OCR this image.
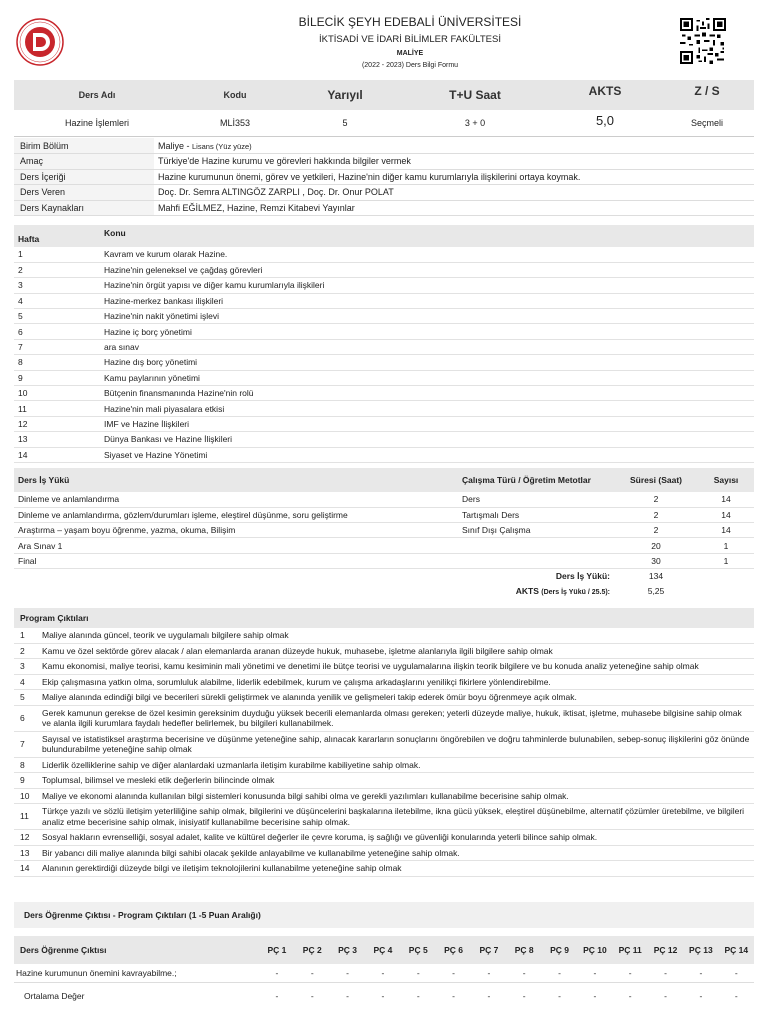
BİLECİK ŞEYH EDEBALİ ÜNİVERSİTESİ
İKTİSADİ VE İDARİ BİLİMLER FAKÜLTESİ
MALİYE
(2022 - 2023) Ders Bilgi Formu
Ders Adı	Kodu	Yarıyıl	T+U Saat	AKTS	Z / S
Hazine İşlemleri	MLİ353	5	3 + 0	5,0	Seçmeli
Birim Bölüm	Maliye - Lisans (Yüz yüze)
Amaç	Türkiye'de Hazine kurumu ve görevleri hakkında bilgiler vermek
Ders İçeriği	Hazine kurumunun önemi, görev ve yetkileri, Hazine'nin diğer kamu kurumlarıyla ilişkilerini ortaya koymak.
Ders Veren	Doç. Dr. Semra ALTINGÖZ ZARPLI , Doç. Dr. Onur POLAT
Ders Kaynakları	Mahfi EĞİLMEZ, Hazine, Remzi Kitabevi Yayınlar
Hafta	Konu
1	Kavram ve kurum olarak Hazine.
2	Hazine'nin geleneksel ve çağdaş görevleri
3	Hazine'nin örgüt yapısı ve diğer kamu kurumlarıyla ilişkileri
4	Hazine-merkez bankası ilişkileri
5	Hazine'nin nakit yönetimi işlevi
6	Hazine iç borç yönetimi
7	ara sınav
8	Hazine dış borç yönetimi
9	Kamu paylarının yönetimi
10	Bütçenin finansmanında Hazine'nin rolü
11	Hazine'nin mali piyasalara etkisi
12	IMF ve Hazine İlişkileri
13	Dünya Bankası ve Hazine İlişkileri
14	Siyaset ve Hazine Yönetimi
Ders İş Yükü	Çalışma Türü / Öğretim Metotlar	Süresi (Saat)	Sayısı
Dinleme ve anlamlandırma	Ders	2	14
Dinleme ve anlamlandırma, gözlem/durumları işleme, eleştirel düşünme, soru geliştirme	Tartışmalı Ders	2	14
Araştırma – yaşam boyu öğrenme, yazma, okuma, Bilişim	Sınıf Dışı Çalışma	2	14
Ara Sınav 1		20	1
Final		30	1
Ders İş Yükü:		134	
AKTS (Ders İş Yükü / 25.5):		5,25	
Program Çıktıları	
1	Maliye alanında güncel, teorik ve uygulamalı bilgilere sahip olmak
2	Kamu ve özel sektörde görev alacak / alan elemanlarda aranan düzeyde hukuk, muhasebe, işletme alanlarıyla ilgili bilgilere sahip olmak
3	Kamu ekonomisi, maliye teorisi, kamu kesiminin mali yönetimi ve denetimi ile bütçe teorisi ve uygulamalarına ilişkin teorik bilgilere ve bu konuda analiz yeteneğine sahip olmak
4	Ekip çalışmasına yatkın olma, sorumluluk alabilme, liderlik edebilmek, kurum ve çalışma arkadaşlarını yenilikçi fikirlere yönlendirebilme.
5	Maliye alanında edindiği bilgi ve becerileri sürekli geliştirmek ve alanında yenilik ve gelişmeleri takip ederek ömür boyu öğrenmeye açık olmak.
6	Gerek kamunun gerekse de özel kesimin gereksinim duyduğu yüksek becerili elemanlarda olması gereken; yeterli düzeyde maliye, hukuk, iktisat, işletme, muhasebe bilgisine sahip olmak ve alanla ilgili kurumlara faydalı hedefler belirlemek, bu bilgileri kullanabilmek.
7	Sayısal ve istatistiksel araştırma becerisine ve düşünme yeteneğine sahip, alınacak kararların sonuçlarını öngörebilen ve doğru tahminlerde bulunabilen, sebep-sonuç ilişkilerini göz önünde bulundurabilme yeteneğine sahip olmak
8	Liderlik özelliklerine sahip ve diğer alanlardaki uzmanlarla iletişim kurabilme kabiliyetine sahip olmak.
9	Toplumsal, bilimsel ve mesleki etik değerlerin bilincinde olmak
10	Maliye ve ekonomi alanında kullanılan bilgi sistemleri konusunda bilgi sahibi olma ve gerekli yazılımları kullanabilme becerisine sahip olmak.
11	Türkçe yazılı ve sözlü iletişim yeterliliğine sahip olmak, bilgilerini ve düşüncelerini başkalarına iletebilme, ikna gücü yüksek, eleştirel düşünebilme, alternatif çözümler üretebilme, ve bilgileri analiz etme becerisine sahip olmak, inisiyatif kullanabilme becerisine sahip olmak.
12	Sosyal hakların evrenselliği, sosyal adalet, kalite ve kültürel değerler ile çevre koruma, iş sağlığı ve güvenliği konularında yeterli bilince sahip olmak.
13	Bir yabancı dili maliye alanında bilgi sahibi olacak şekilde anlayabilme ve kullanabilme yeteneğine sahip olmak.
14	Alanının gerektirdiği düzeyde bilgi ve iletişim teknolojilerini kullanabilme yeteneğine sahip olmak
Ders Öğrenme Çıktısı - Program Çıktıları (1 -5 Puan Aralığı)
Ders Öğrenme Çıktısı	PÇ 1	PÇ 2	PÇ 3	PÇ 4	PÇ 5	PÇ 6	PÇ 7	PÇ 8	PÇ 9	PÇ 10	PÇ 11	PÇ 12	PÇ 13	PÇ 14
Hazine kurumunun önemini kavrayabilme.;	-	-	-	-	-	-	-	-	-	-	-	-	-	-
Ortalama Değer	-	-	-	-	-	-	-	-	-	-	-	-	-	-
